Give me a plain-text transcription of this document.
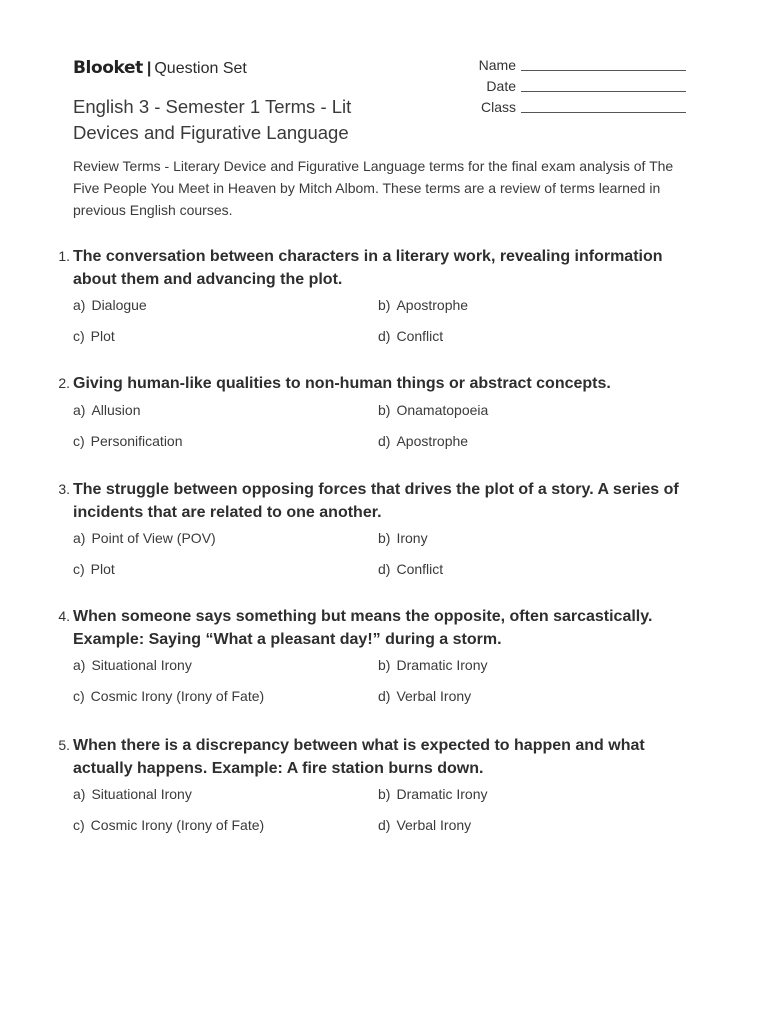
Blooket | Question Set
English 3 - Semester 1 Terms - Lit Devices and Figurative Language
Name
Date
Class
Review Terms - Literary Device and Figurative Language terms for the final exam analysis of The Five People You Meet in Heaven by Mitch Albom. These terms are a review of terms learned in previous English courses.
1. The conversation between characters in a literary work, revealing information about them and advancing the plot.
a) Dialogue	b) Apostrophe
c) Plot	d) Conflict
2. Giving human-like qualities to non-human things or abstract concepts.
a) Allusion	b) Onamatopoeia
c) Personification	d) Apostrophe
3. The struggle between opposing forces that drives the plot of a story. A series of incidents that are related to one another.
a) Point of View (POV)	b) Irony
c) Plot	d) Conflict
4. When someone says something but means the opposite, often sarcastically. Example: Saying “What a pleasant day!” during a storm.
a) Situational Irony	b) Dramatic Irony
c) Cosmic Irony (Irony of Fate)	d) Verbal Irony
5. When there is a discrepancy between what is expected to happen and what actually happens. Example: A fire station burns down.
a) Situational Irony	b) Dramatic Irony
c) Cosmic Irony (Irony of Fate)	d) Verbal Irony
